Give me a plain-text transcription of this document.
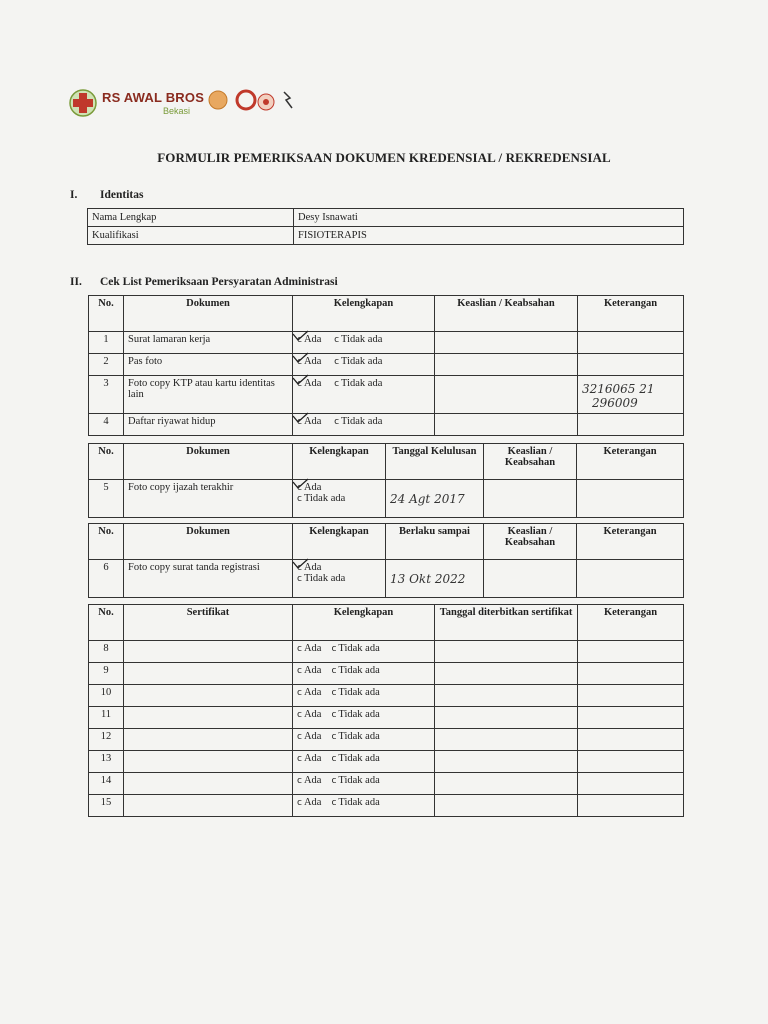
RS AWAL BROS
Bekasi
FORMULIR PEMERIKSAAN DOKUMEN KREDENSIAL / REKREDENSIAL
I. Identitas
Nama Lengkap	Desy Isnawati
Kualifikasi	FISIOTERAPIS
II. Cek List Pemeriksaan Persyaratan Administrasi
No.	Dokumen	Kelengkapan	Keaslian / Keabsahan	Keterangan
1	Surat lamaran kerja	c Ada c Tidak ada		
2	Pas foto	c Ada c Tidak ada		
3	Foto copy KTP atau kartu identitas lain	c Ada c Tidak ada		3216065 21
296009

4	Daftar riyawat hidup	c Ada c Tidak ada		
No.	Dokumen	Kelengkapan	Tanggal Kelulusan	Keaslian / Keabsahan	Keterangan
5	Foto copy ijazah terakhir	c Ada
c Tidak ada	24 Agt 2017		
No.	Dokumen	Kelengkapan	Berlaku sampai	Keaslian / Keabsahan	Keterangan
6	Foto copy surat tanda registrasi	c Ada
c Tidak ada	13 Okt 2022		
No.	Sertifikat	Kelengkapan	Tanggal diterbitkan sertifikat	Keterangan
8		c Ada c Tidak ada		
9		c Ada c Tidak ada		
10		c Ada c Tidak ada		
11		c Ada c Tidak ada		
12		c Ada c Tidak ada		
13		c Ada c Tidak ada		
14		c Ada c Tidak ada		
15		c Ada c Tidak ada		
